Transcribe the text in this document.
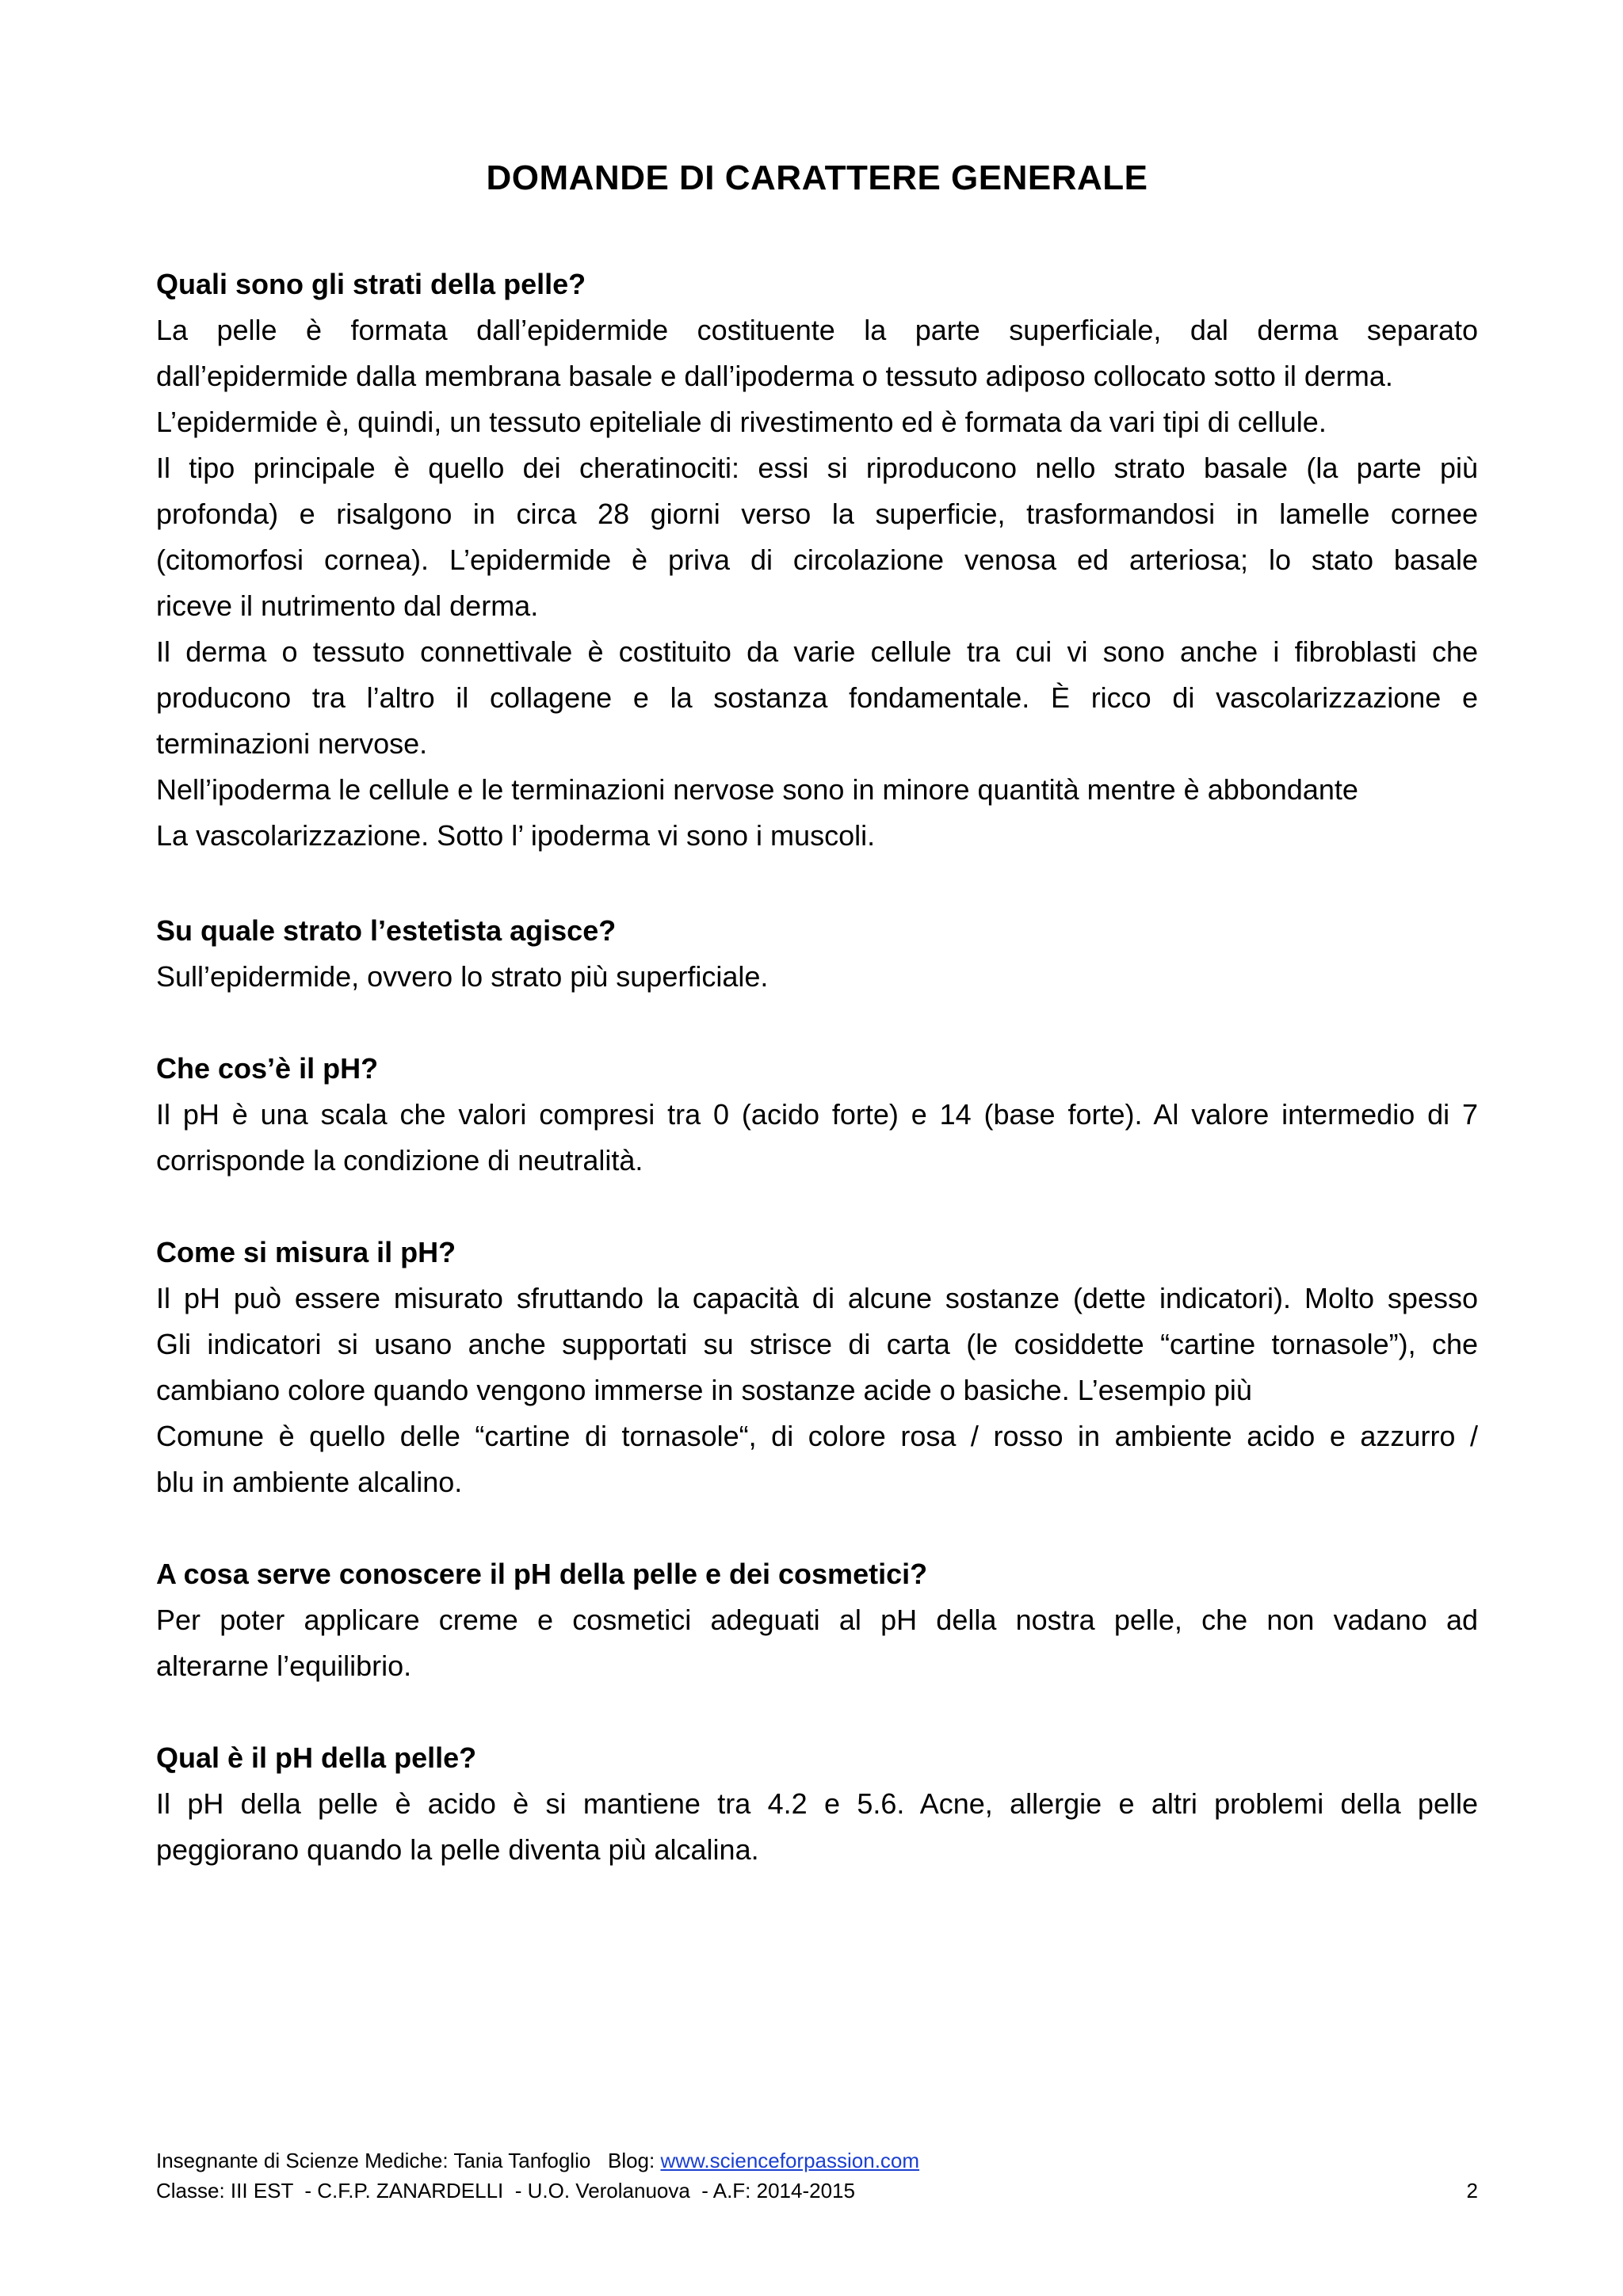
DOMANDE DI CARATTERE GENERALE

Quali sono gli strati della pelle?

La pelle è formata dall’epidermide costituente la parte superficiale, dal derma separato
dall’epidermide dalla membrana basale e dall’ipoderma o tessuto adiposo collocato sotto il derma.
L’epidermide è, quindi, un tessuto epiteliale di rivestimento ed è formata da vari tipi di cellule.
Il tipo principale è quello dei cheratinociti: essi si riproducono nello strato basale (la parte più
profonda) e risalgono in circa 28 giorni verso la superficie, trasformandosi in lamelle cornee
(citomorfosi cornea). L’epidermide è priva di circolazione venosa ed arteriosa; lo stato basale
riceve il nutrimento dal derma.
Il derma o tessuto connettivale è costituito da varie cellule tra cui vi sono anche i fibroblasti che
producono tra l’altro il collagene e la sostanza fondamentale. È ricco di vascolarizzazione e
terminazioni nervose.
Nell’ipoderma le cellule e le terminazioni nervose sono in minore quantità mentre è abbondante
La vascolarizzazione. Sotto l’ ipoderma vi sono i muscoli.

Su quale strato l’estetista agisce?

Sull’epidermide, ovvero lo strato più superficiale.

Che cos’è il pH?

Il pH è una scala che valori compresi tra 0 (acido forte) e 14 (base forte). Al valore intermedio di 7
corrisponde la condizione di neutralità.

Come si misura il pH?

Il pH può essere misurato sfruttando la capacità di alcune sostanze (dette indicatori). Molto spesso
Gli indicatori si usano anche supportati su strisce di carta (le cosiddette “cartine tornasole”), che
cambiano colore quando vengono immerse in sostanze acide o basiche. L’esempio più
Comune è quello delle “cartine di tornasole“, di colore rosa / rosso in ambiente acido e azzurro /
blu in ambiente alcalino.

A cosa serve conoscere il pH della pelle e dei cosmetici?

Per poter applicare creme e cosmetici adeguati al pH della nostra pelle, che non vadano ad
alterarne l’equilibrio.

Qual è il pH della pelle?

Il pH della pelle è acido è si mantiene tra 4.2 e 5.6. Acne, allergie e altri problemi della pelle
peggiorano quando la pelle diventa più alcalina.
Insegnante di Scienze Mediche: Tania Tanfoglio   Blog: www.scienceforpassion.com
Classe: III EST  - C.F.P. ZANARDELLI  - U.O. Verolanuova  - A.F: 2014-2015	2
